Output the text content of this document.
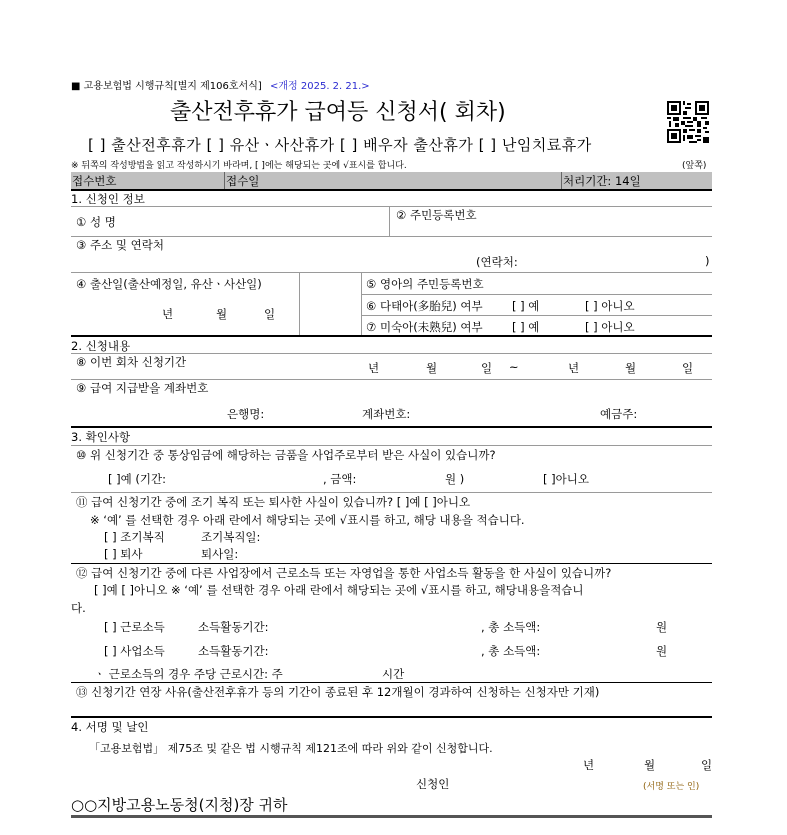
■ 고용보험법 시행규칙[별지 제106호서식] <개정 2025. 2. 21.>
출산전후휴가 급여등 신청서( 회차)
[ ] 출산전후휴가 [ ] 유산ㆍ사산휴가 [ ] 배우자 출산휴가 [ ] 난임치료휴가
※ 뒤쪽의 작성방법을 읽고 작성하시기 바라며, [ ]에는 해당되는 곳에 √표시를 합니다.	(앞쪽)
접수번호	접수일	처리기간: 14일
1. 신청인 정보
① 성 명	② 주민등록번호
③ 주소 및 연락처
(연락처:	)
④ 출산일(출산예정일, 유산ㆍ사산일)
년	월	일
⑤ 영아의 주민등록번호
⑥ 다태아(多胎兒) 여부	[ ] 예	[ ] 아니오
⑦ 미숙아(未熟兒) 여부	[ ] 예	[ ] 아니오
2. 신청내용
⑧ 이번 회차 신청기간	년	월	일 ~	년	월	일
⑨ 급여 지급받을 계좌번호
은행명:	계좌번호:	예금주:
3. 확인사항
⑩ 위 신청기간 중 통상임금에 해당하는 금품을 사업주로부터 받은 사실이 있습니까?
[ ]예 (기간:	, 금액:	원 )	[ ]아니오
⑪ 급여 신청기간 중에 조기 복직 또는 퇴사한 사실이 있습니까? [ ]예 [ ]아니오
※ ‘예’ 를 선택한 경우 아래 란에서 해당되는 곳에 √표시를 하고, 해당 내용을 적습니다.
[ ] 조기복직	조기복직일:
[ ] 퇴사	퇴사일:
⑫ 급여 신청기간 중에 다른 사업장에서 근로소득 또는 자영업을 통한 사업소득 활동을 한 사실이 있습니까?
[ ]예 [ ]아니오 ※ ‘예’ 를 선택한 경우 아래 란에서 해당되는 곳에 √표시를 하고, 해당내용을적습니
다.
[ ] 근로소득	소득활동기간:	, 총 소득액:	원
[ ] 사업소득	소득활동기간:	, 총 소득액:	원
ㆍ 근로소득의 경우 주당 근로시간: 주	시간
⑬ 신청기간 연장 사유(출산전후휴가 등의 기간이 종료된 후 12개월이 경과하여 신청하는 신청자만 기재)
4. 서명 및 날인
「고용보험법」 제75조 및 같은 법 시행규칙 제121조에 따라 위와 같이 신청합니다.
년	월	일
신청인	(서명 또는 인)
○○지방고용노동청(지청)장 귀하
